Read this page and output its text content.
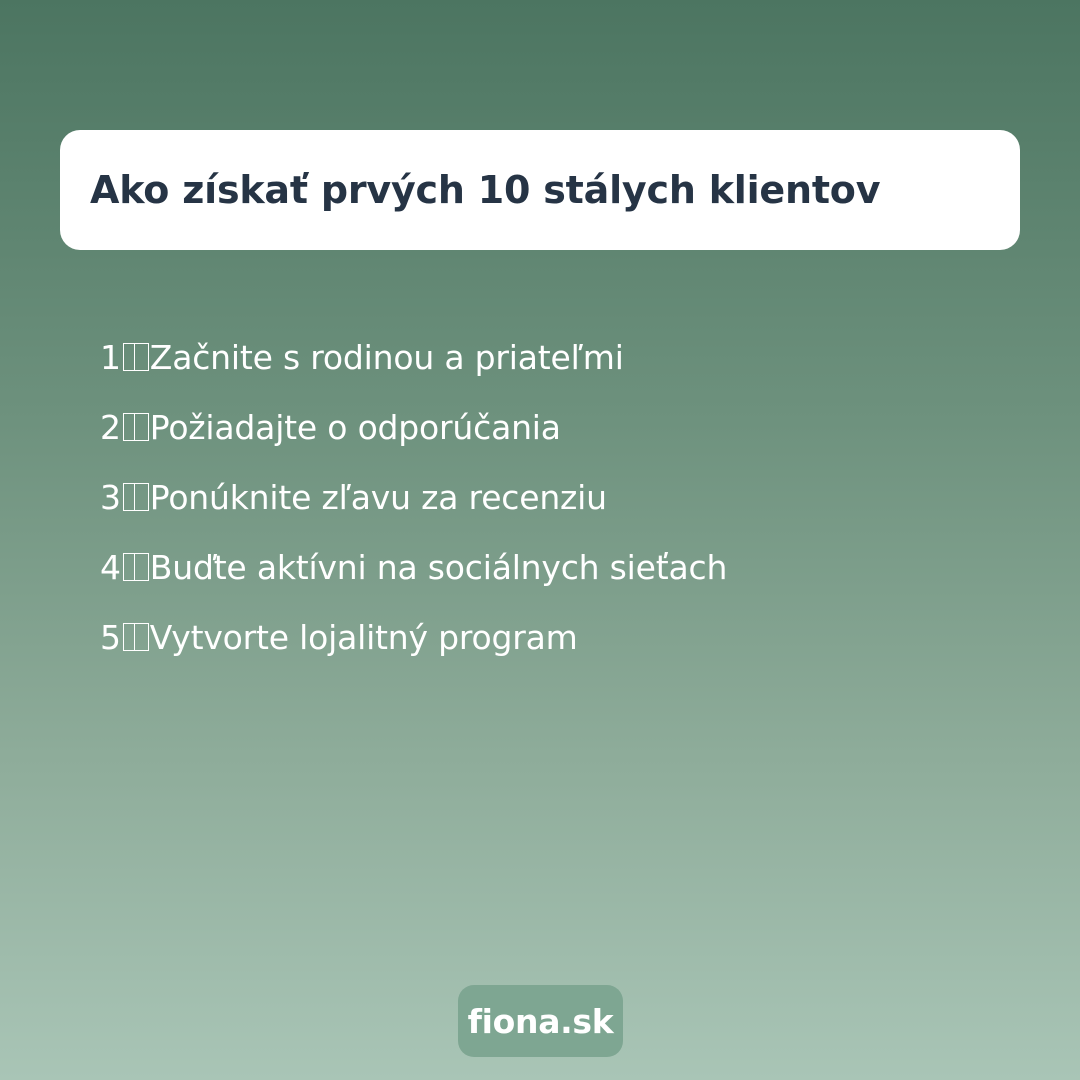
Ako získať prvých 10 stálych klientov
1 Začnite s rodinou a priateľmi
2 Požiadajte o odporúčania
3 Ponúknite zľavu za recenziu
4 Buďte aktívni na sociálnych sieťach
5 Vytvorte lojalitný program
fiona.sk
